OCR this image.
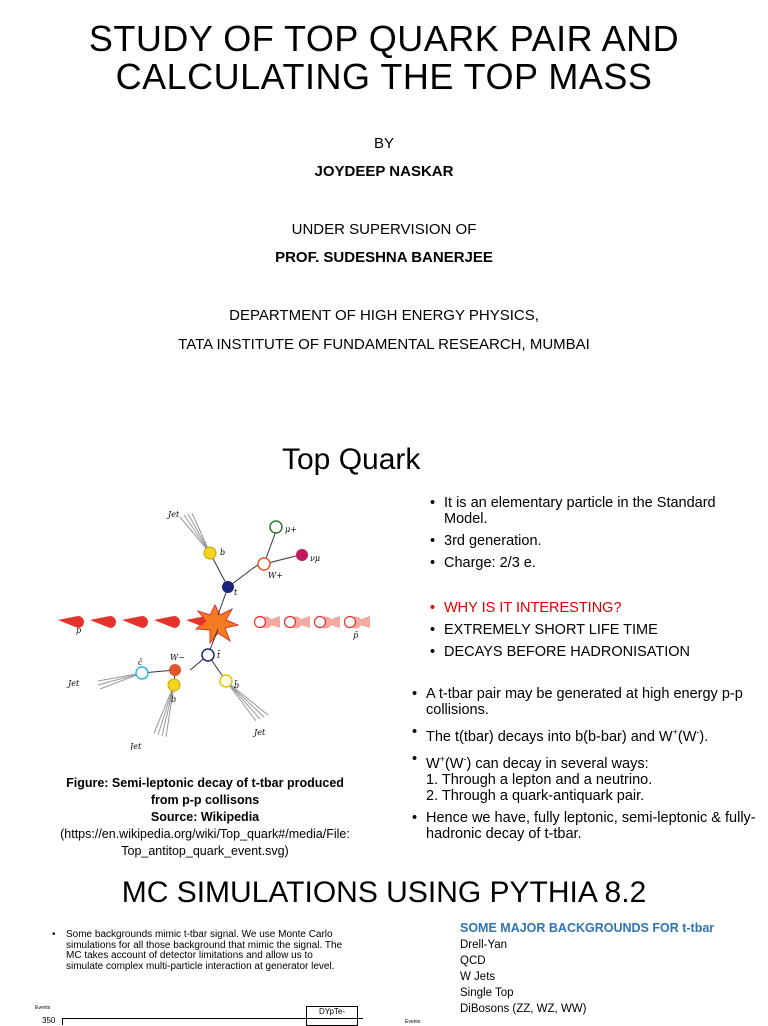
STUDY OF TOP QUARK PAIR AND
CALCULATING THE TOP MASS
BY
JOYDEEP NASKAR
UNDER SUPERVISION OF
PROF. SUDESHNA BANERJEE
DEPARTMENT OF HIGH ENERGY PHYSICS,
TATA INSTITUTE OF FUNDAMENTAL RESEARCH, MUMBAI
Top Quark
Jet
b
μ+
νμ
W+
t
p
p̄
W−	t̄
c̄
b̄
Jet
b
Jet
Jet
• It is an elementary particle in the Standard Model.
• 3rd generation.
• Charge: 2/3 e.
• WHY IS IT INTERESTING?
• EXTREMELY SHORT LIFE TIME
• DECAYS BEFORE HADRONISATION
• A t-tbar pair may be generated at high energy p-p collisions.
• The t(tbar) decays into b(b-bar) and W+(W-).
• W+(W-) can decay in several ways:
1. Through a lepton and a neutrino.
2. Through a quark-antiquark pair.
• Hence we have, fully leptonic, semi-leptonic & fully-hadronic decay of t-tbar.
Figure: Semi-leptonic decay of t-tbar produced from p-p collisons
Source: Wikipedia
(https://en.wikipedia.org/wiki/Top_quark#/media/File:Top_antitop_quark_event.svg)
MC SIMULATIONS USING PYTHIA 8.2
• Some backgrounds mimic t-tbar signal. We use Monte Carlo simulations for all those background that mimic the signal. The MC takes account of detector limitations and allow us to simulate complex multi-particle interaction at generator level.
SOME MAJOR BACKGROUNDS FOR t-tbar
Drell-Yan
QCD
W Jets
Single Top
DiBosons (ZZ, WZ, WW)
Events
350
DYpTe-
Events
